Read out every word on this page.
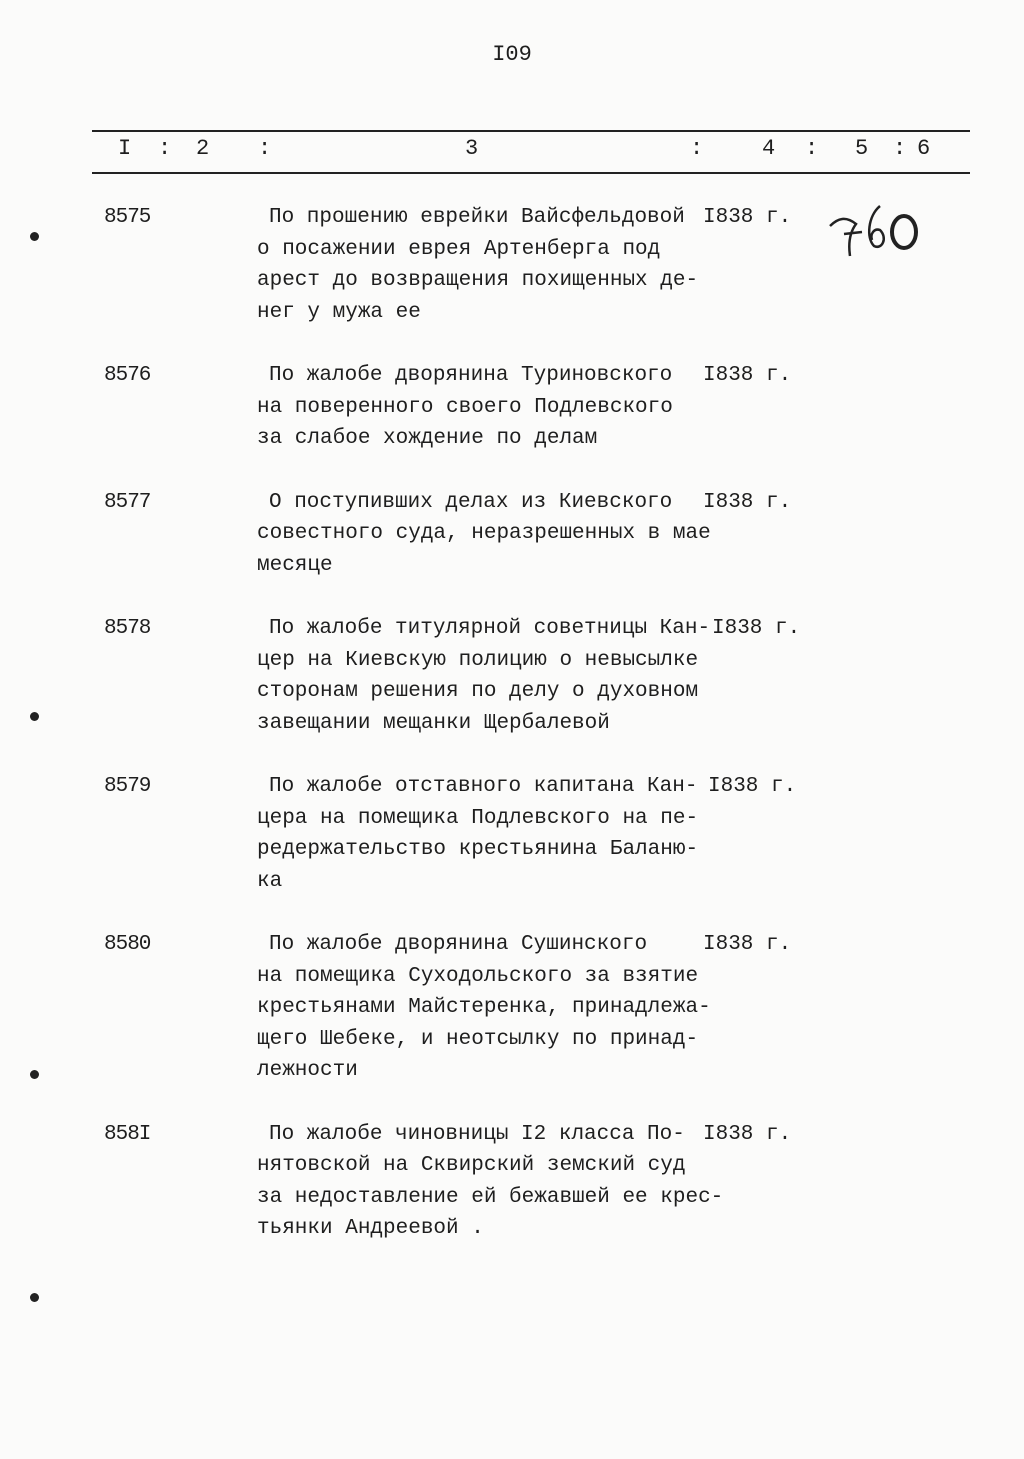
I09
I : 2 :	3	:	4 : 5 : 6
8575	По прошению еврейки Вайсфельдовой
о посажении еврея Артенберга под
арест до возвращения похищенных де-
нег у мужа ее
I838 г.
8576	По жалобе дворянина Туриновского
на поверенного своего Подлевского
за слабое хождение по делам
I838 г.
8577	О поступивших делах из Киевского
совестного суда, неразрешенных в мае
месяце
I838 г.
8578	По жалобе титулярной советницы Кан-
цер на Киевскую полицию о невысылке
сторонам решения по делу о духовном
завещании мещанки Щербалевой
I838 г.
8579	По жалобе отставного капитана Кан-
цера на помещика Подлевского на пе-
редержательство крестьянина Баланю-
ка
I838 г.
8580	По жалобе дворянина Сушинского
на помещика Суходольского за взятие
крестьянами Майстеренка, принадлежа-
щего Шебеке, и неотсылку по принад-
лежности
I838 г.
858I	По жалобе чиновницы I2 класса По-
нятовской на Сквирский земский суд
за недоставление ей бежавшей ее крес-
тьянки Андреевой .
I838 г.
